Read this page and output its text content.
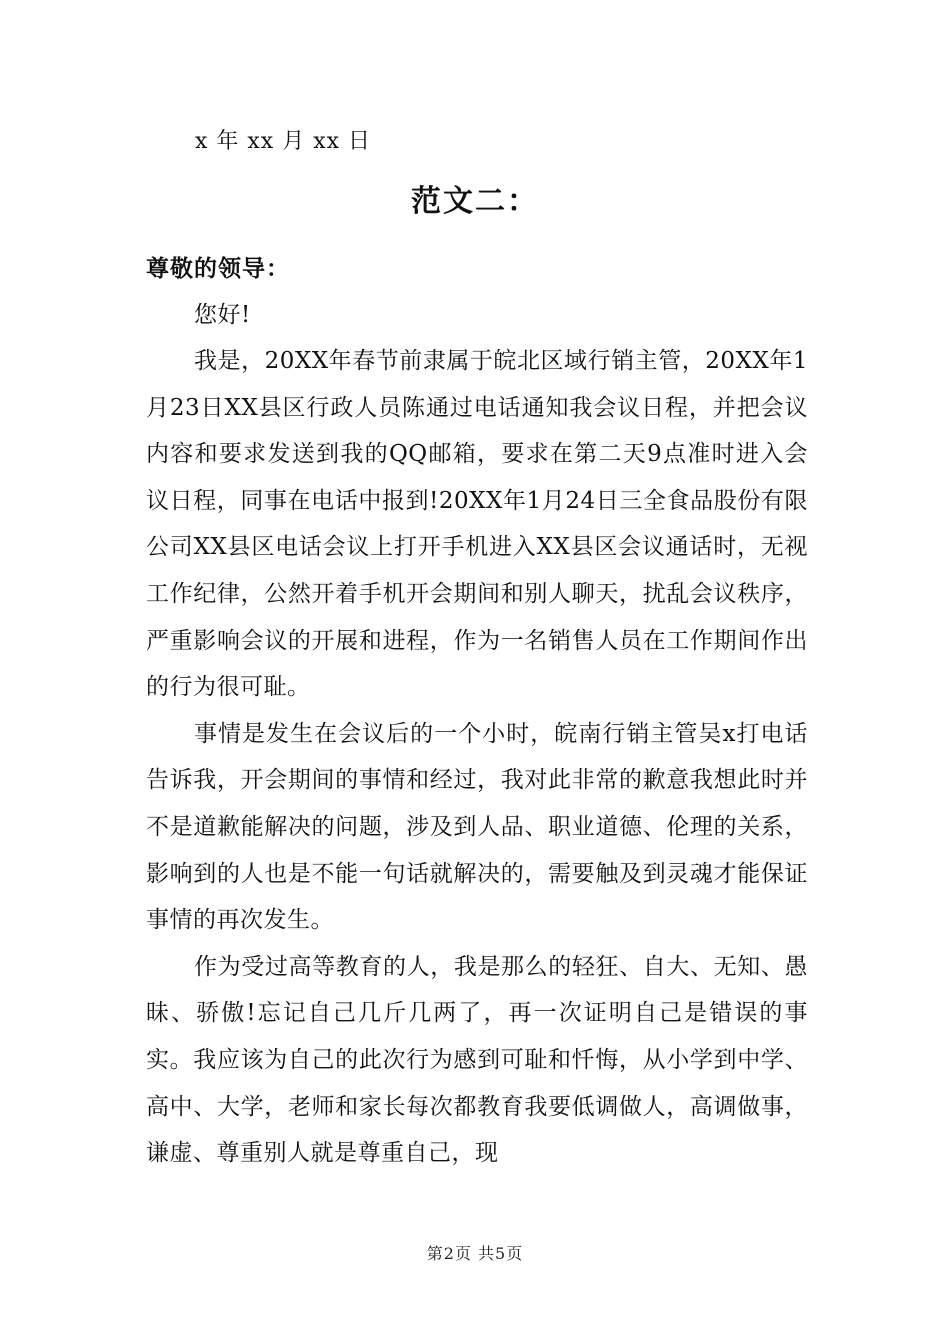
x 年 xx 月 xx 日
范文二：
尊敬的领导：

您好!

我是，20XX年春节前隶属于皖北区域行销主管，20XX年1月23日XX县区行政人员陈通过电话通知我会议日程，并把会议内容和要求发送到我的QQ邮箱，要求在第二天9点准时进入会议日程，同事在电话中报到!20XX年1月24日三全食品股份有限公司XX县区电话会议上打开手机进入XX县区会议通话时，无视工作纪律，公然开着手机开会期间和别人聊天，扰乱会议秩序，严重影响会议的开展和进程，作为一名销售人员在工作期间作出的行为很可耻。

事情是发生在会议后的一个小时，皖南行销主管吴x打电话告诉我，开会期间的事情和经过，我对此非常的歉意我想此时并不是道歉能解决的问题，涉及到人品、职业道德、伦理的关系，影响到的人也是不能一句话就解决的，需要触及到灵魂才能保证事情的再次发生。

作为受过高等教育的人，我是那么的轻狂、自大、无知、愚昧、骄傲!忘记自己几斤几两了，再一次证明自己是错误的事实。我应该为自己的此次行为感到可耻和忏悔，从小学到中学、高中、大学，老师和家长每次都教育我要低调做人，高调做事，谦虚、尊重别人就是尊重自己，现

第2页 共5页
